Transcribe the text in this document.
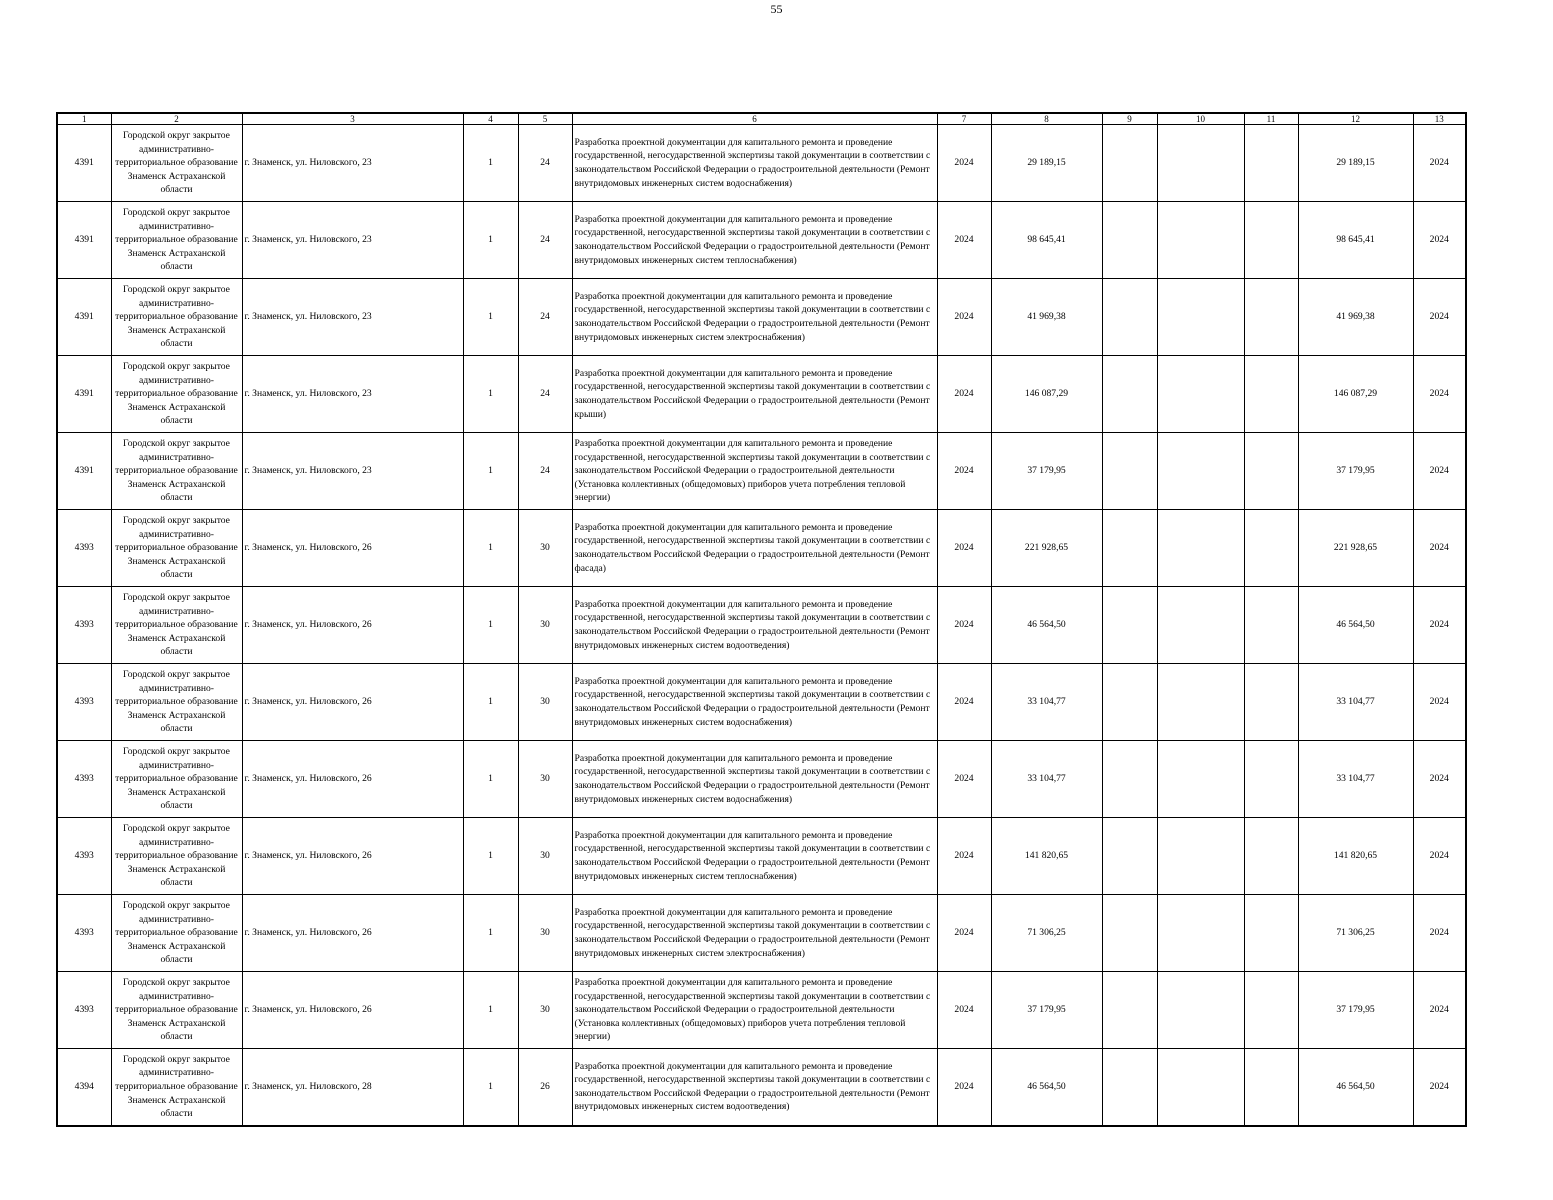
55
1	2	3	4	5	6	7	8	9	10	11	12	13
4391	Городской округ закрытое административно-территориальное образование Знаменск Астраханской области	г. Знаменск, ул. Ниловского, 23	1	24	Разработка проектной документации для капитального ремонта и проведение государственной, негосударственной экспертизы такой документации в соответствии с законодательством Российской Федерации о градостроительной деятельности (Ремонт внутридомовых инженерных систем водоснабжения)	2024	29 189,15				29 189,15	2024
4391	Городской округ закрытое административно-территориальное образование Знаменск Астраханской области	г. Знаменск, ул. Ниловского, 23	1	24	Разработка проектной документации для капитального ремонта и проведение государственной, негосударственной экспертизы такой документации в соответствии с законодательством Российской Федерации о градостроительной деятельности (Ремонт внутридомовых инженерных систем теплоснабжения)	2024	98 645,41				98 645,41	2024
4391	Городской округ закрытое административно-территориальное образование Знаменск Астраханской области	г. Знаменск, ул. Ниловского, 23	1	24	Разработка проектной документации для капитального ремонта и проведение государственной, негосударственной экспертизы такой документации в соответствии с законодательством Российской Федерации о градостроительной деятельности (Ремонт внутридомовых инженерных систем электроснабжения)	2024	41 969,38				41 969,38	2024
4391	Городской округ закрытое административно-территориальное образование Знаменск Астраханской области	г. Знаменск, ул. Ниловского, 23	1	24	Разработка проектной документации для капитального ремонта и проведение государственной, негосударственной экспертизы такой документации в соответствии с законодательством Российской Федерации о градостроительной деятельности (Ремонт крыши)	2024	146 087,29				146 087,29	2024
4391	Городской округ закрытое административно-территориальное образование Знаменск Астраханской области	г. Знаменск, ул. Ниловского, 23	1	24	Разработка проектной документации для капитального ремонта и проведение государственной, негосударственной экспертизы такой документации в соответствии с законодательством Российской Федерации о градостроительной деятельности (Установка коллективных (общедомовых) приборов учета потребления тепловой энергии)	2024	37 179,95				37 179,95	2024
4393	Городской округ закрытое административно-территориальное образование Знаменск Астраханской области	г. Знаменск, ул. Ниловского, 26	1	30	Разработка проектной документации для капитального ремонта и проведение государственной, негосударственной экспертизы такой документации в соответствии с законодательством Российской Федерации о градостроительной деятельности (Ремонт фасада)	2024	221 928,65				221 928,65	2024
4393	Городской округ закрытое административно-территориальное образование Знаменск Астраханской области	г. Знаменск, ул. Ниловского, 26	1	30	Разработка проектной документации для капитального ремонта и проведение государственной, негосударственной экспертизы такой документации в соответствии с законодательством Российской Федерации о градостроительной деятельности (Ремонт внутридомовых инженерных систем водоотведения)	2024	46 564,50				46 564,50	2024
4393	Городской округ закрытое административно-территориальное образование Знаменск Астраханской области	г. Знаменск, ул. Ниловского, 26	1	30	Разработка проектной документации для капитального ремонта и проведение государственной, негосударственной экспертизы такой документации в соответствии с законодательством Российской Федерации о градостроительной деятельности (Ремонт внутридомовых инженерных систем водоснабжения)	2024	33 104,77				33 104,77	2024
4393	Городской округ закрытое административно-территориальное образование Знаменск Астраханской области	г. Знаменск, ул. Ниловского, 26	1	30	Разработка проектной документации для капитального ремонта и проведение государственной, негосударственной экспертизы такой документации в соответствии с законодательством Российской Федерации о градостроительной деятельности (Ремонт внутридомовых инженерных систем водоснабжения)	2024	33 104,77				33 104,77	2024
4393	Городской округ закрытое административно-территориальное образование Знаменск Астраханской области	г. Знаменск, ул. Ниловского, 26	1	30	Разработка проектной документации для капитального ремонта и проведение государственной, негосударственной экспертизы такой документации в соответствии с законодательством Российской Федерации о градостроительной деятельности (Ремонт внутридомовых инженерных систем теплоснабжения)	2024	141 820,65				141 820,65	2024
4393	Городской округ закрытое административно-территориальное образование Знаменск Астраханской области	г. Знаменск, ул. Ниловского, 26	1	30	Разработка проектной документации для капитального ремонта и проведение государственной, негосударственной экспертизы такой документации в соответствии с законодательством Российской Федерации о градостроительной деятельности (Ремонт внутридомовых инженерных систем электроснабжения)	2024	71 306,25				71 306,25	2024
4393	Городской округ закрытое административно-территориальное образование Знаменск Астраханской области	г. Знаменск, ул. Ниловского, 26	1	30	Разработка проектной документации для капитального ремонта и проведение государственной, негосударственной экспертизы такой документации в соответствии с законодательством Российской Федерации о градостроительной деятельности (Установка коллективных (общедомовых) приборов учета потребления тепловой энергии)	2024	37 179,95				37 179,95	2024
4394	Городской округ закрытое административно-территориальное образование Знаменск Астраханской области	г. Знаменск, ул. Ниловского, 28	1	26	Разработка проектной документации для капитального ремонта и проведение государственной, негосударственной экспертизы такой документации в соответствии с законодательством Российской Федерации о градостроительной деятельности (Ремонт внутридомовых инженерных систем водоотведения)	2024	46 564,50				46 564,50	2024
